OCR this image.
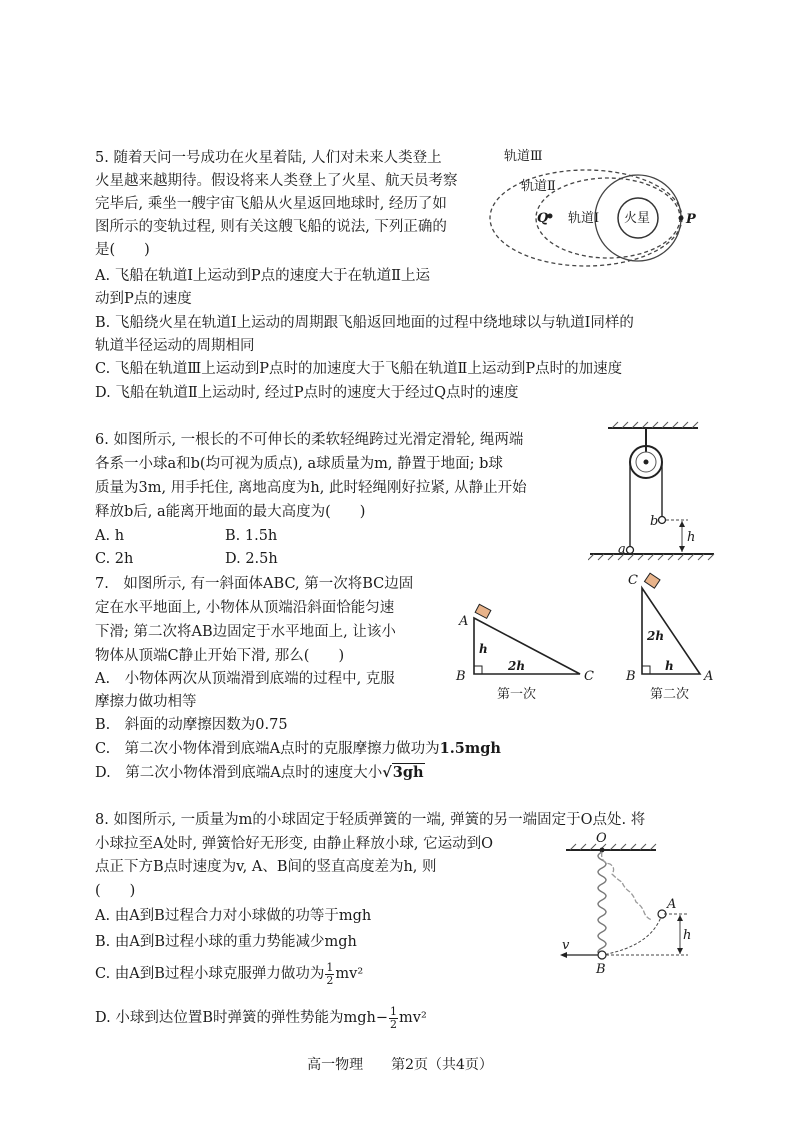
5. 随着天问一号成功在火星着陆, 人们对未来人类登上
火星越来越期待。假设将来人类登上了火星、航天员考察
完毕后, 乘坐一艘宇宙飞船从火星返回地球时, 经历了如
图所示的变轨过程, 则有关这艘飞船的说法, 下列正确的
是(　　)
A. 飞船在轨道Ⅰ上运动到P点的速度大于在轨道Ⅱ上运
动到P点的速度
B. 飞船绕火星在轨道Ⅰ上运动的周期跟飞船返回地面的过程中绕地球以与轨道Ⅰ同样的
轨道半径运动的周期相同
C. 飞船在轨道Ⅲ上运动到P点时的加速度大于飞船在轨道Ⅱ上运动到P点时的加速度
D. 飞船在轨道Ⅱ上运动时, 经过P点时的速度大于经过Q点时的速度
轨道Ⅲ
轨道Ⅱ
轨道Ⅰ 火星
Q	P
6. 如图所示, 一根长的不可伸长的柔软轻绳跨过光滑定滑轮, 绳两端
各系一小球a和b(均可视为质点), a球质量为m, 静置于地面; b球
质量为3m, 用手托住, 离地高度为h, 此时轻绳刚好拉紧, 从静止开始
释放b后, a能离开地面的最大高度为(　　)
A. h	B. 1.5h
C. 2h	D. 2.5h
a
b
h
7.　如图所示, 有一斜面体ABC, 第一次将BC边固
定在水平地面上, 小物体从顶端沿斜面恰能匀速
下滑; 第二次将AB边固定于水平地面上, 让该小
物体从顶端C静止开始下滑, 那么(　　)
A.　小物体两次从顶端滑到底端的过程中, 克服
摩擦力做功相等
B.　斜面的动摩擦因数为0.75
C.　第二次小物体滑到底端A点时的克服摩擦力做功为1.5mgh
D.　第二次小物体滑到底端A点时的速度大小√3gh
A
B	C
h
2h
第一次
C
B	A
2h
h
第二次
8. 如图所示, 一质量为m的小球固定于轻质弹簧的一端, 弹簧的另一端固定于O点处. 将
小球拉至A处时, 弹簧恰好无形变, 由静止释放小球, 它运动到O
点正下方B点时速度为v, A、B间的竖直高度差为h, 则
(　　)
A. 由A到B过程合力对小球做的功等于mgh
B. 由A到B过程小球的重力势能减少mgh
C. 由A到B过程小球克服弹力做功为 $\frac{1}{2} mv^2$
D. 小球到达位置B时弹簧的弹性势能为$mgh- \frac{1}{2} mv^2$
O
A
B
h
v
高一物理　　第2页（共4页）
